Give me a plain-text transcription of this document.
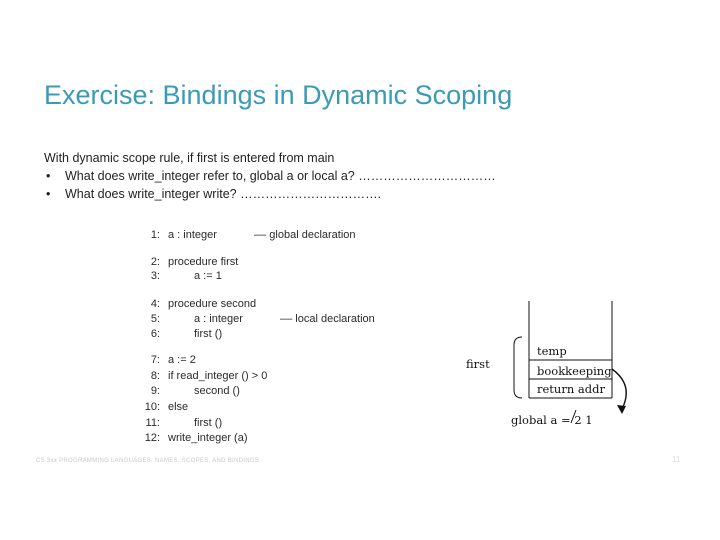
Exercise: Bindings in Dynamic Scoping
With dynamic scope rule, if first is entered from main
• What does write_integer refer to, global a or local a? ……………………………
• What does write_integer write? …………………………….
1: a : integer	–– global declaration
2: procedure first
3:	a := 1
4: procedure second
5:	a : integer	–– local declaration
6:	first ()
7: a := 2
8: if read_integer () > 0
9:	second ()
10: else
11:	first ()
12: write_integer (a)
first
temp
bookkeeping
return addr
global a = 2 1
CS 3xx PROGRAMMING LANGUAGES: NAMES, SCOPES, AND BINDINGS	11
